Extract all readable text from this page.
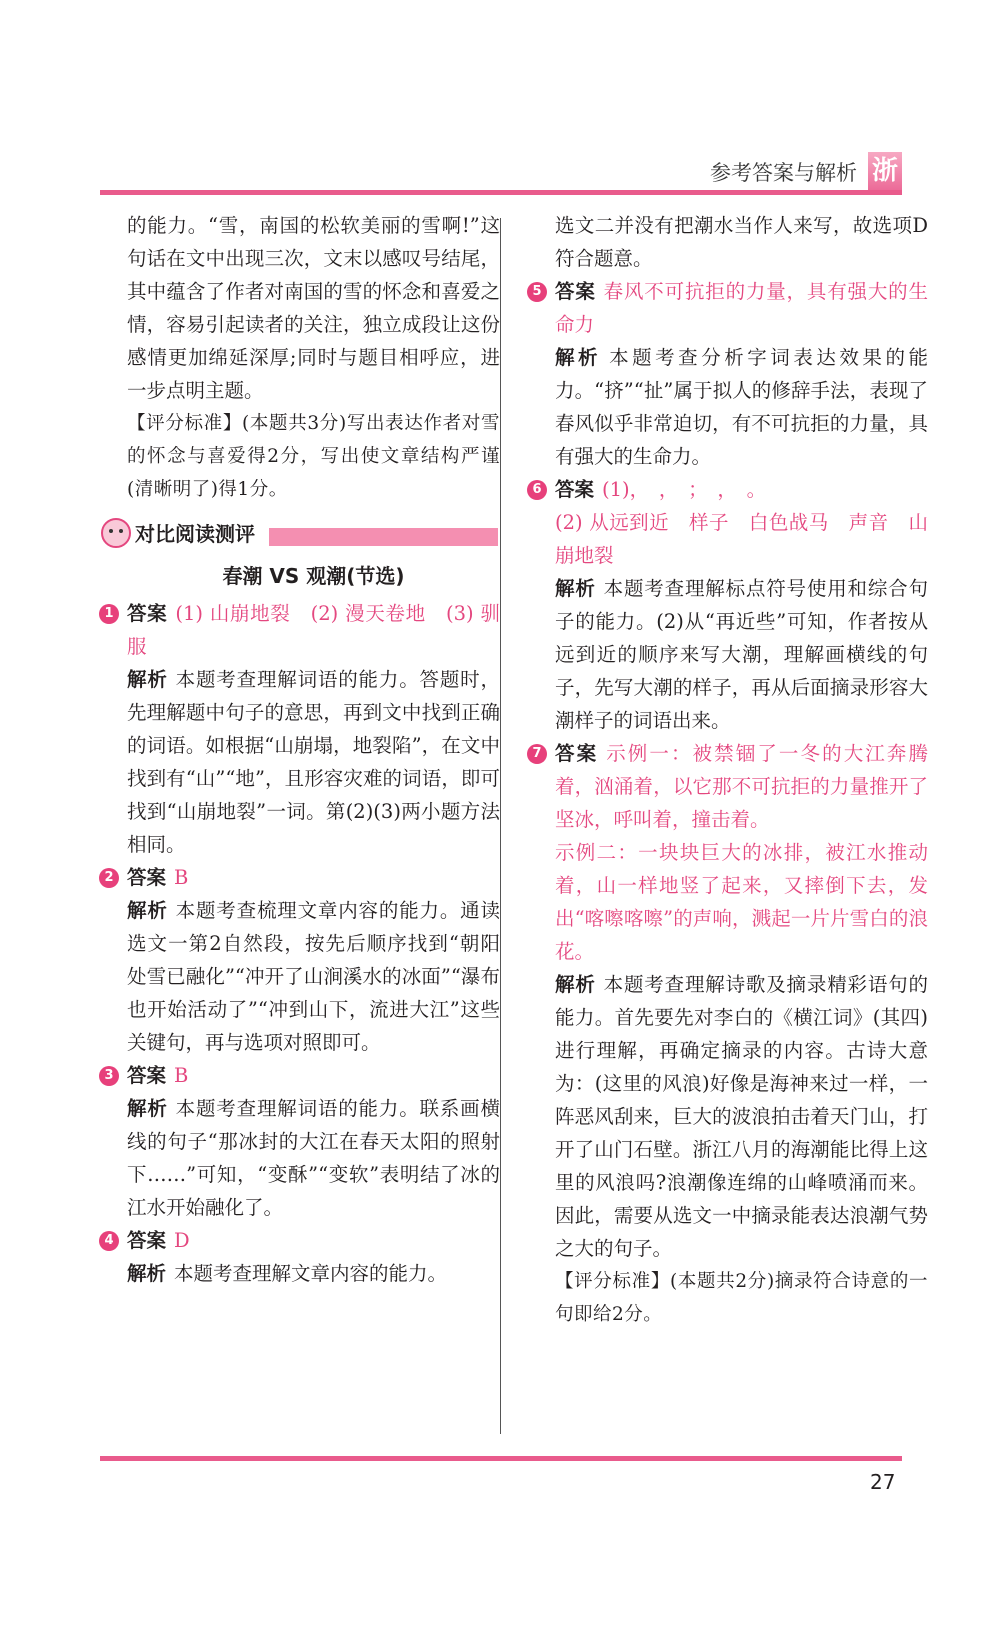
参考答案与解析 浙

的能力。“雪，南国的松软美丽的雪啊!”这句话在文中出现三次，文末以感叹号结尾，其中蕴含了作者对南国的雪的怀念和喜爱之情，容易引起读者的关注，独立成段让这份感情更加绵延深厚;同时与题目相呼应，进一步点明主题。

【评分标准】(本题共3分)写出表达作者对雪的怀念与喜爱得2分，写出使文章结构严谨(清晰明了)得1分。

对比阅读测评
春潮 VS 观潮(节选)
1 答案 (1) 山崩地裂　(2) 漫天卷地　(3) 驯服

解析 本题考查理解词语的能力。答题时，先理解题中句子的意思，再到文中找到正确的词语。如根据“山崩塌，地裂陷”，在文中找到有“山”“地”，且形容灾难的词语，即可找到“山崩地裂”一词。第(2)(3)两小题方法相同。

2 答案 B

解析 本题考查梳理文章内容的能力。通读选文一第2自然段，按先后顺序找到“朝阳处雪已融化”“冲开了山涧溪水的冰面”“瀑布也开始活动了”“冲到山下，流进大江”这些关键句，再与选项对照即可。

3 答案 B

解析 本题考查理解词语的能力。联系画横线的句子“那冰封的大江在春天太阳的照射下……”可知，“变酥”“变软”表明结了冰的江水开始融化了。

4 答案 D

解析 本题考查理解文章内容的能力。

选文二并没有把潮水当作人来写，故选项D符合题意。

5 答案 春风不可抗拒的力量，具有强大的生命力

解析 本题考查分析字词表达效果的能力。“挤”“扯”属于拟人的修辞手法，表现了春风似乎非常迫切，有不可抗拒的力量，具有强大的生命力。

6 答案 (1)，　，　；　，　。

(2) 从远到近　样子　白色战马　声音　山崩地裂

解析 本题考查理解标点符号使用和综合句子的能力。(2)从“再近些”可知，作者按从远到近的顺序来写大潮，理解画横线的句子，先写大潮的样子，再从后面摘录形容大潮样子的词语出来。

7 答案 示例一：被禁锢了一冬的大江奔腾着，汹涌着，以它那不可抗拒的力量推开了坚冰，呼叫着，撞击着。

示例二：一块块巨大的冰排，被江水推动着，山一样地竖了起来，又摔倒下去，发出“喀嚓喀嚓”的声响，溅起一片片雪白的浪花。

解析 本题考查理解诗歌及摘录精彩语句的能力。首先要先对李白的《横江词》(其四)进行理解，再确定摘录的内容。古诗大意为：(这里的风浪)好像是海神来过一样，一阵恶风刮来，巨大的波浪拍击着天门山，打开了山门石壁。浙江八月的海潮能比得上这里的风浪吗?浪潮像连绵的山峰喷涌而来。因此，需要从选文一中摘录能表达浪潮气势之大的句子。

【评分标准】(本题共2分)摘录符合诗意的一句即给2分。

27
